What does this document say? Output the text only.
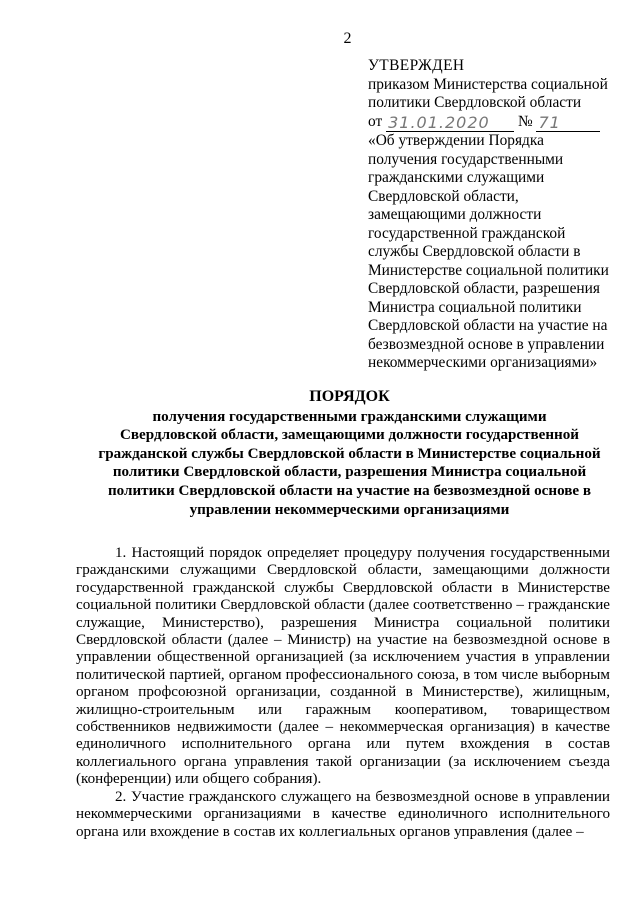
2
УТВЕРЖДЕН
приказом Министерства социальной
политики Свердловской области
от 31.01.2020 № 71
«Об утверждении Порядка
получения государственными
гражданскими служащими
Свердловской области,
замещающими должности
государственной гражданской
службы Свердловской области в
Министерстве социальной политики
Свердловской области, разрешения
Министра социальной политики
Свердловской области на участие на
безвозмездной основе в управлении
некоммерческими организациями»
ПОРЯДОК
получения государственными гражданскими служащими
Свердловской области, замещающими должности государственной
гражданской службы Свердловской области в Министерстве социальной
политики Свердловской области, разрешения Министра социальной
политики Свердловской области на участие на безвозмездной основе в
управлении некоммерческими организациями

1. Настоящий порядок определяет процедуру получения государственными гражданскими служащими Свердловской области, замещающими должности государственной гражданской службы Свердловской области в Министерстве социальной политики Свердловской области (далее соответственно – гражданские служащие, Министерство), разрешения Министра социальной политики Свердловской области (далее – Министр) на участие на безвозмездной основе в управлении общественной организацией (за исключением участия в управлении политической партией, органом профессионального союза, в том числе выборным органом профсоюзной организации, созданной в Министерстве), жилищным, жилищно-строительным или гаражным кооперативом, товариществом собственников недвижимости (далее – некоммерческая организация) в качестве единоличного исполнительного органа или путем вхождения в состав коллегиального органа управления такой организации (за исключением съезда (конференции) или общего собрания).

2. Участие гражданского служащего на безвозмездной основе в управлении некоммерческими организациями в качестве единоличного исполнительного органа или вхождение в состав их коллегиальных органов управления (далее –
